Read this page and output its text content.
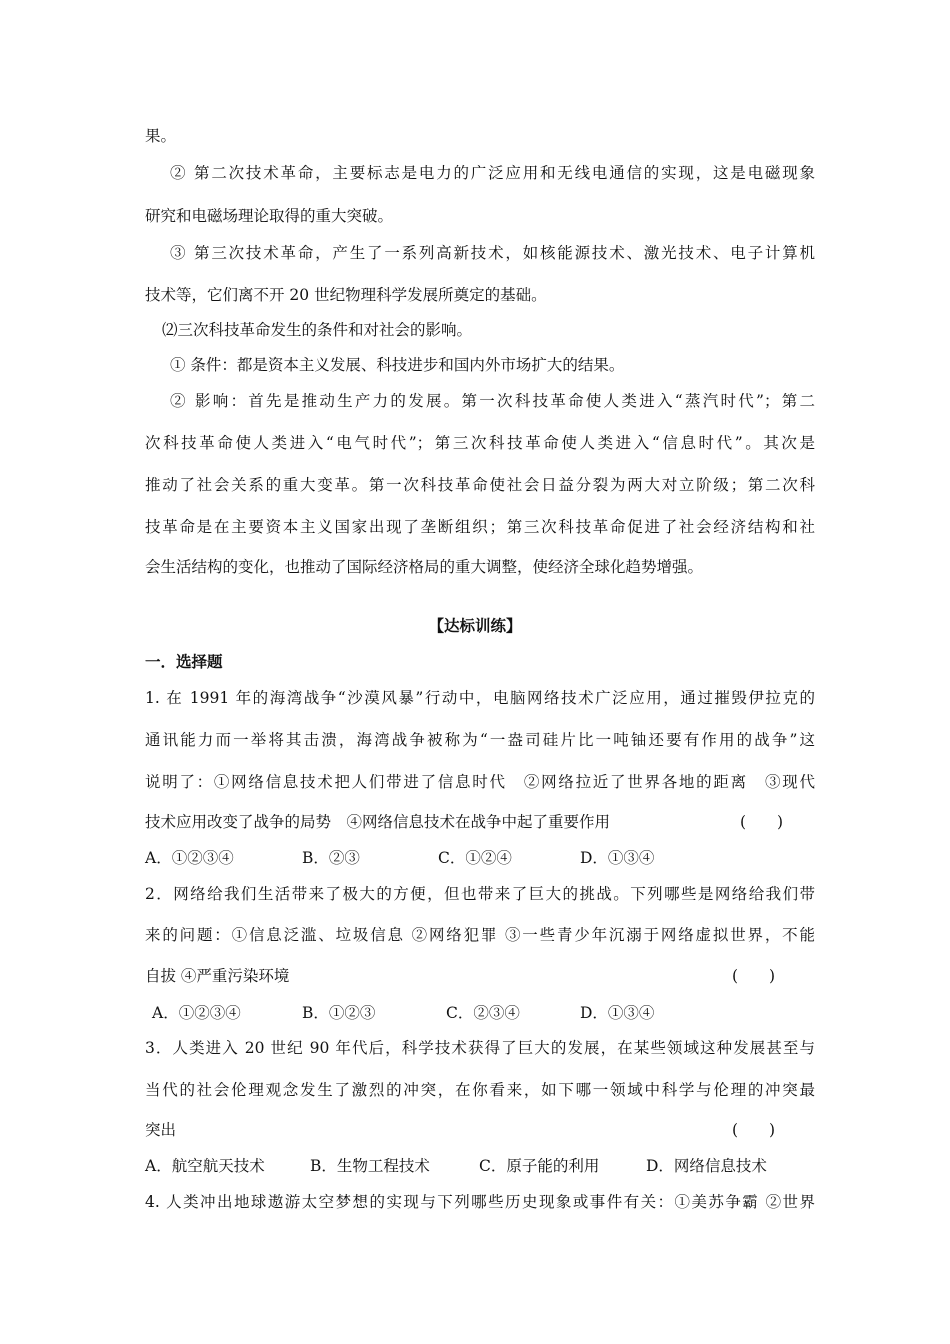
果。
② 第二次技术革命，主要标志是电力的广泛应用和无线电通信的实现，这是电磁现象
研究和电磁场理论取得的重大突破。
③ 第三次技术革命，产生了一系列高新技术，如核能源技术、激光技术、电子计算机
技术等，它们离不开 20 世纪物理科学发展所奠定的基础。
⑵三次科技革命发生的条件和对社会的影响。
① 条件：都是资本主义发展、科技进步和国内外市场扩大的结果。
② 影响：首先是推动生产力的发展。第一次科技革命使人类进入“蒸汽时代”；第二
次科技革命使人类进入“电气时代”；第三次科技革命使人类进入“信息时代”。其次是
推动了社会关系的重大变革。第一次科技革命使社会日益分裂为两大对立阶级；第二次科
技革命是在主要资本主义国家出现了垄断组织；第三次科技革命促进了社会经济结构和社
会生活结构的变化，也推动了国际经济格局的重大调整，使经济全球化趋势增强。
【达标训练】
一．选择题
1. 在 1991 年的海湾战争“沙漠风暴”行动中，电脑网络技术广泛应用，通过摧毁伊拉克的
通讯能力而一举将其击溃，海湾战争被称为“一盎司硅片比一吨铀还要有作用的战争”这
说明了：①网络信息技术把人们带进了信息时代　②网络拉近了世界各地的距离　③现代
技术应用改变了战争的局势　④网络信息技术在战争中起了重要作用	(　　)
A．①②③④	B．②③	C．①②④	D．①③④
2．网络给我们生活带来了极大的方便，但也带来了巨大的挑战。下列哪些是网络给我们带
来的问题：①信息泛滥、垃圾信息 ②网络犯罪 ③一些青少年沉溺于网络虚拟世界，不能
自拔 ④严重污染环境	(　　)
A．①②③④	B．①②③	C．②③④	D．①③④
3．人类进入 20 世纪 90 年代后，科学技术获得了巨大的发展，在某些领域这种发展甚至与
当代的社会伦理观念发生了激烈的冲突，在你看来，如下哪一领域中科学与伦理的冲突最
突出	(　　)
A．航空航天技术	B．生物工程技术	C．原子能的利用	D．网络信息技术
4. 人类冲出地球遨游太空梦想的实现与下列哪些历史现象或事件有关：①美苏争霸 ②世界
